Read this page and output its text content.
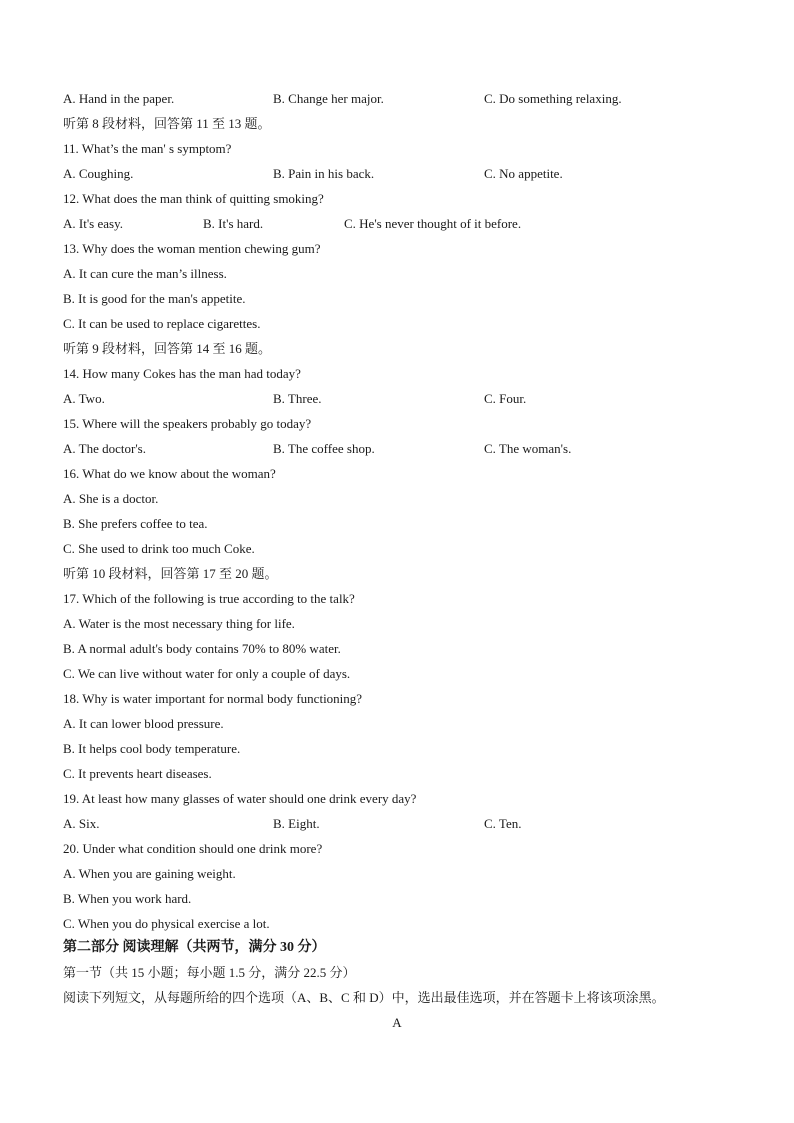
A. Hand in the paper.	B. Change her major.	C. Do something relaxing.
听第 8 段材料，回答第 11 至 13 题。
11. What’s the man' s symptom?
A. Coughing.	B. Pain in his back.	C. No appetite.
12. What does the man think of quitting smoking?
A. It's easy.	B. It's hard.	C. He's never thought of it before.
13. Why does the woman mention chewing gum?
A. It can cure the man’s illness.
B. It is good for the man's appetite.
C. It can be used to replace cigarettes.
听第 9 段材料，回答第 14 至 16 题。
14. How many Cokes has the man had today?
A. Two.	B. Three.	C. Four.
15. Where will the speakers probably go today?
A. The doctor's.	B. The coffee shop.	C. The woman's.
16. What do we know about the woman?
A. She is a doctor.
B. She prefers coffee to tea.
C. She used to drink too much Coke.
听第 10 段材料，回答第 17 至 20 题。
17. Which of the following is true according to the talk?
A. Water is the most necessary thing for life.
B. A normal adult's body contains 70% to 80% water.
C. We can live without water for only a couple of days.
18. Why is water important for normal body functioning?
A. It can lower blood pressure.
B. It helps cool body temperature.
C. It prevents heart diseases.
19. At least how many glasses of water should one drink every day?
A. Six.	B. Eight.	C. Ten.
20. Under what condition should one drink more?
A. When you are gaining weight.
B. When you work hard.
C. When you do physical exercise a lot.
第二部分 阅读理解（共两节，满分 30 分）
第一节（共 15 小题；每小题 1.5 分，满分 22.5 分）
阅读下列短文，从每题所给的四个选项（A、B、C 和 D）中，选出最佳选项，并在答题卡上将该项涂黑。
A
